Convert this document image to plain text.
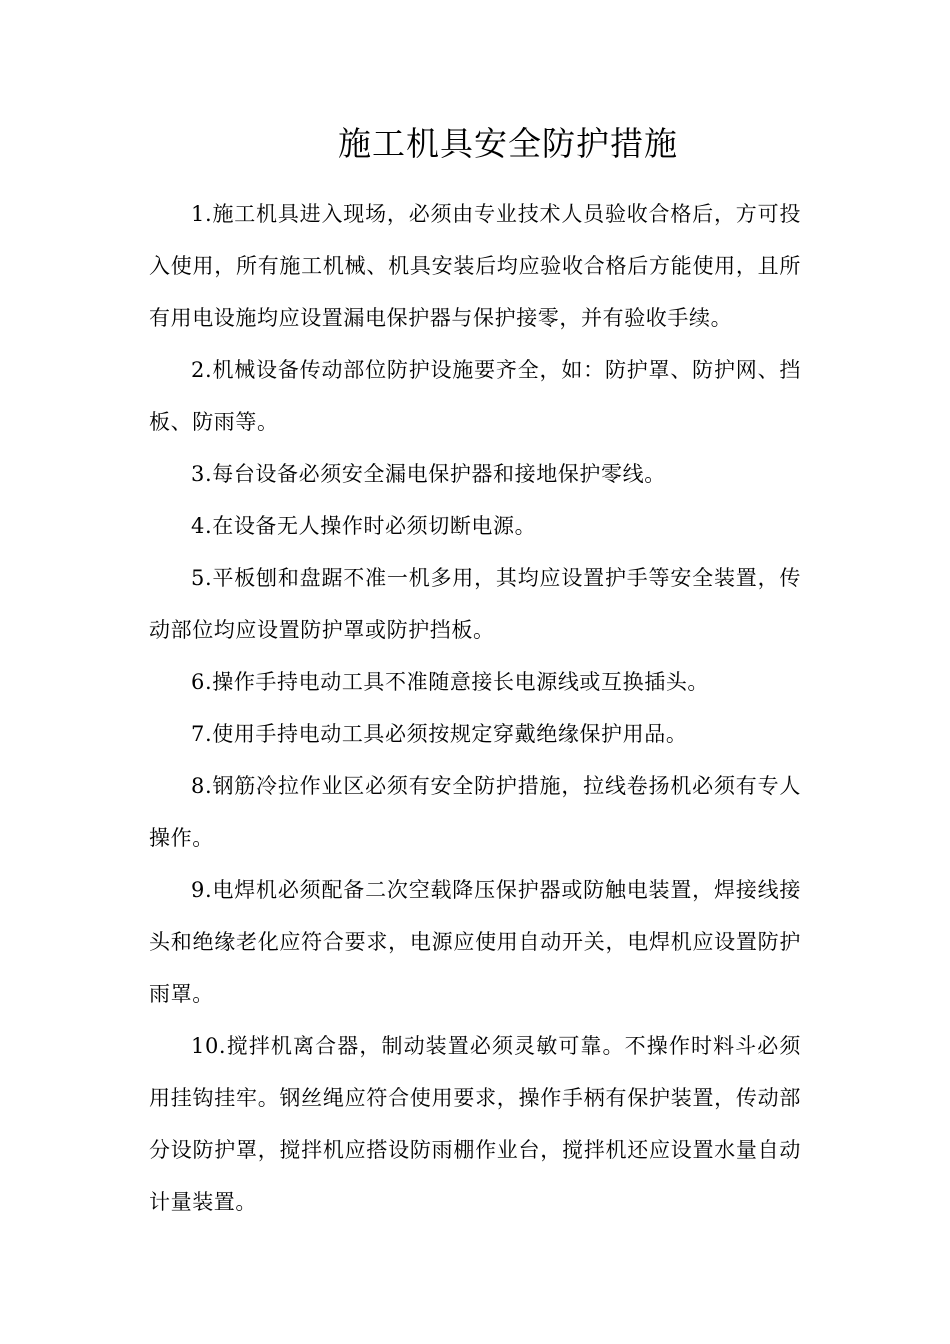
施工机具安全防护措施

1.施工机具进入现场，必须由专业技术人员验收合格后，方可投入使用，所有施工机械、机具安装后均应验收合格后方能使用，且所有用电设施均应设置漏电保护器与保护接零，并有验收手续。

2.机械设备传动部位防护设施要齐全，如：防护罩、防护网、挡板、防雨等。

3.每台设备必须安全漏电保护器和接地保护零线。

4.在设备无人操作时必须切断电源。

5.平板刨和盘踞不准一机多用，其均应设置护手等安全装置，传动部位均应设置防护罩或防护挡板。

6.操作手持电动工具不准随意接长电源线或互换插头。

7.使用手持电动工具必须按规定穿戴绝缘保护用品。

8.钢筋冷拉作业区必须有安全防护措施，拉线卷扬机必须有专人操作。

9.电焊机必须配备二次空载降压保护器或防触电装置，焊接线接头和绝缘老化应符合要求，电源应使用自动开关，电焊机应设置防护雨罩。

10.搅拌机离合器，制动装置必须灵敏可靠。不操作时料斗必须用挂钩挂牢。钢丝绳应符合使用要求，操作手柄有保护装置，传动部分设防护罩，搅拌机应搭设防雨棚作业台，搅拌机还应设置水量自动计量装置。
